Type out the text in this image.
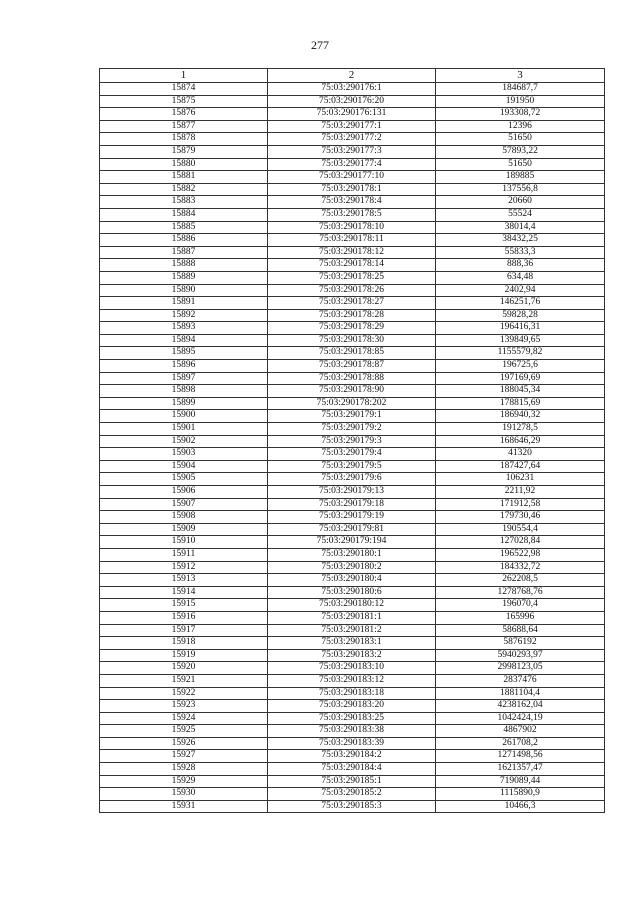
277
1	2	3
15874	75:03:290176:1	184687,7
15875	75:03:290176:20	191950
15876	75:03:290176:131	193308,72
15877	75:03:290177:1	12396
15878	75:03:290177:2	51650
15879	75:03:290177:3	57893,22
15880	75:03:290177:4	51650
15881	75:03:290177:10	189885
15882	75:03:290178:1	137556,8
15883	75:03:290178:4	20660
15884	75:03:290178:5	55524
15885	75:03:290178:10	38014,4
15886	75:03:290178:11	38432,25
15887	75:03:290178:12	55833,3
15888	75:03:290178:14	888,36
15889	75:03:290178:25	634,48
15890	75:03:290178:26	2402,94
15891	75:03:290178:27	146251,76
15892	75:03:290178:28	59828,28
15893	75:03:290178:29	196416,31
15894	75:03:290178:30	139849,65
15895	75:03:290178:85	1155579,82
15896	75:03:290178:87	196725,6
15897	75:03:290178:88	197169,69
15898	75:03:290178:90	188045,34
15899	75:03:290178:202	178815,69
15900	75:03:290179:1	186940,32
15901	75:03:290179:2	191278,5
15902	75:03:290179:3	168646,29
15903	75:03:290179:4	41320
15904	75:03:290179:5	187427,64
15905	75:03:290179:6	106231
15906	75:03:290179:13	2211,92
15907	75:03:290179:18	171912,58
15908	75:03:290179:19	179730,46
15909	75:03:290179:81	190554,4
15910	75:03:290179:194	127028,84
15911	75:03:290180:1	196522,98
15912	75:03:290180:2	184332,72
15913	75:03:290180:4	262208,5
15914	75:03:290180:6	1278768,76
15915	75:03:290180:12	196070,4
15916	75:03:290181:1	165996
15917	75:03:290181:2	58688,64
15918	75:03:290183:1	5876192
15919	75:03:290183:2	5940293,97
15920	75:03:290183:10	2998123,05
15921	75:03:290183:12	2837476
15922	75:03:290183:18	1881104,4
15923	75:03:290183:20	4238162,04
15924	75:03:290183:25	1042424,19
15925	75:03:290183:38	4867902
15926	75:03:290183:39	261708,2
15927	75:03:290184:2	1271498,56
15928	75:03:290184:4	1621357,47
15929	75:03:290185:1	719089,44
15930	75:03:290185:2	1115890,9
15931	75:03:290185:3	10466,3
